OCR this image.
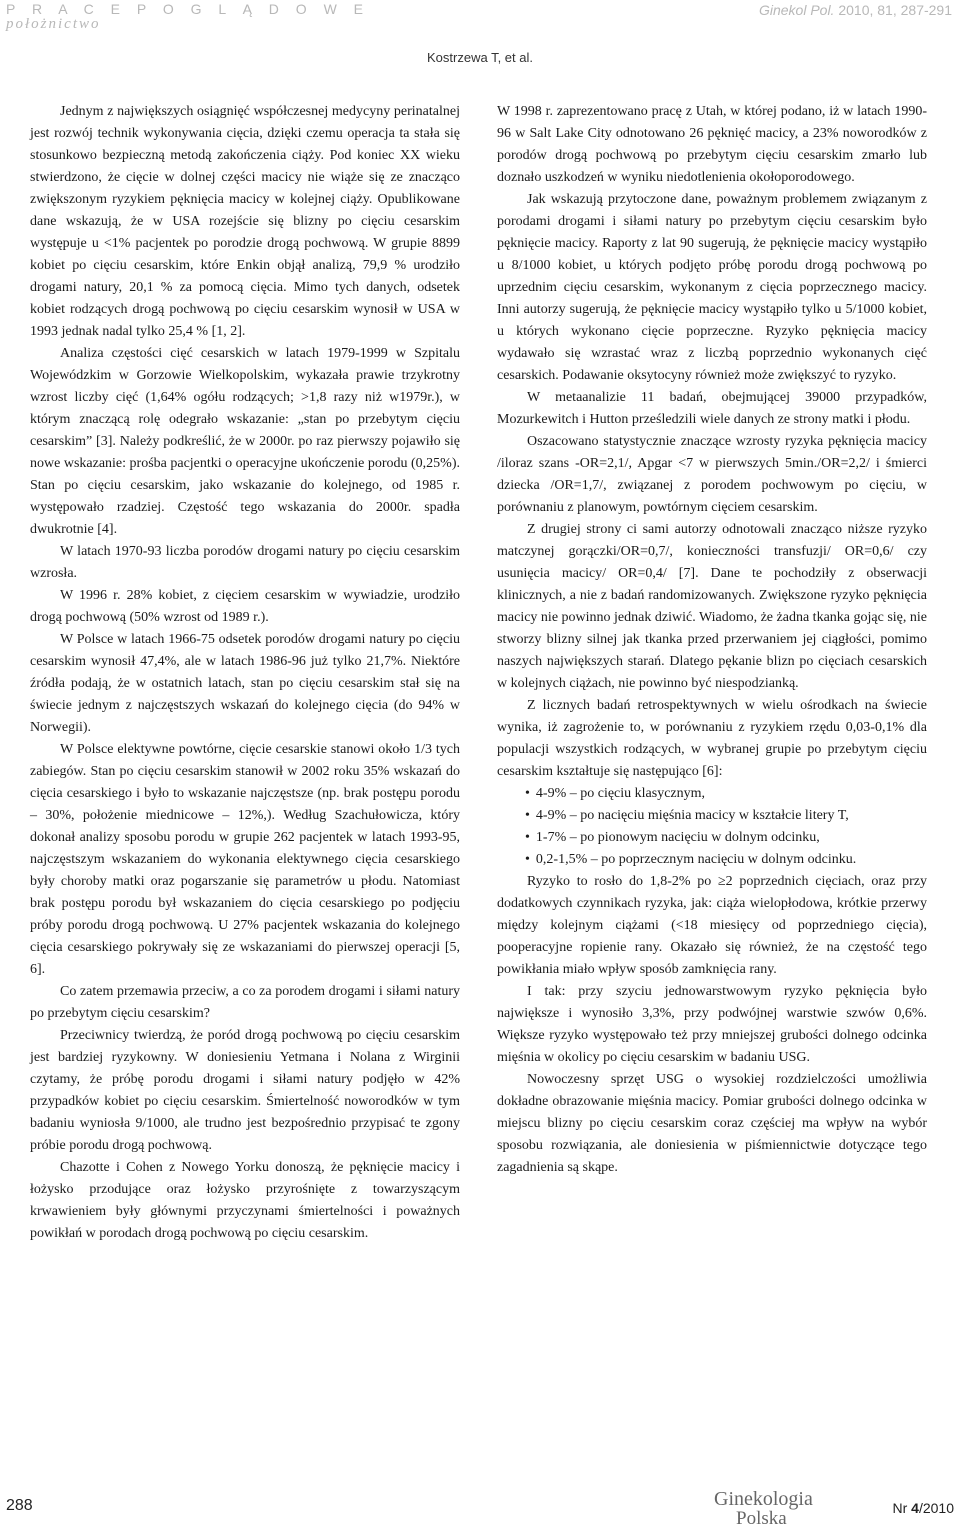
P R A C E P O G L Ą D O W E
położnictwo
Ginekol Pol. 2010, 81, 287-291
Kostrzewa T, et al.

Jednym z największych osiągnięć współczesnej medycyny perinatalnej jest rozwój technik wykonywania cięcia, dzięki czemu operacja ta stała się stosunkowo bezpieczną metodą zakończenia ciąży. Pod koniec XX wieku stwierdzono, że cięcie w dolnej części macicy nie wiąże się ze znacząco zwiększonym ryzykiem pęknięcia macicy w kolejnej ciąży. Opublikowane dane wskazują, że w USA rozejście się blizny po cięciu cesarskim występuje u <1% pacjentek po porodzie drogą pochwową. W grupie 8899 kobiet po cięciu cesarskim, które Enkin objął analizą, 79,9 % urodziło drogami natury, 20,1 % za pomocą cięcia. Mimo tych danych, odsetek kobiet rodzących drogą pochwową po cięciu cesarskim wynosił w USA w 1993 jednak nadal tylko 25,4 % [1, 2].

Analiza częstości cięć cesarskich w latach 1979-1999 w Szpitalu Wojewódzkim w Gorzowie Wielkopolskim, wykazała prawie trzykrotny wzrost liczby cięć (1,64% ogółu rodzących; >1,8 razy niż w1979r.), w którym znaczącą rolę odegrało wskazanie: „stan po przebytym cięciu cesarskim” [3]. Należy podkreślić, że w 2000r. po raz pierwszy pojawiło się nowe wskazanie: prośba pacjentki o operacyjne ukończenie porodu (0,25%). Stan po cięciu cesarskim, jako wskazanie do kolejnego, od 1985 r. występowało rzadziej. Częstość tego wskazania do 2000r. spadła dwukrotnie [4].

W latach 1970-93 liczba porodów drogami natury po cięciu cesarskim wzrosła.

W 1996 r. 28% kobiet, z cięciem cesarskim w wywiadzie, urodziło drogą pochwową (50% wzrost od 1989 r.).

W Polsce w latach 1966-75 odsetek porodów drogami natury po cięciu cesarskim wynosił 47,4%, ale w latach 1986-96 już tylko 21,7%. Niektóre źródła podają, że w ostatnich latach, stan po cięciu cesarskim stał się na świecie jednym z najczęstszych wskazań do kolejnego cięcia (do 94% w Norwegii).

W Polsce elektywne powtórne, cięcie cesarskie stanowi około 1/3 tych zabiegów. Stan po cięciu cesarskim stanowił w 2002 roku 35% wskazań do cięcia cesarskiego i było to wskazanie najczęstsze (np. brak postępu porodu – 30%, położenie miednicowe – 12%,). Według Szachułowicza, który dokonał analizy sposobu porodu w grupie 262 pacjentek w latach 1993-95, najczęstszym wskazaniem do wykonania elektywnego cięcia cesarskiego były choroby matki oraz pogarszanie się parametrów u płodu. Natomiast brak postępu porodu był wskazaniem do cięcia cesarskiego po podjęciu próby porodu drogą pochwową. U 27% pacjentek wskazania do kolejnego cięcia cesarskiego pokrywały się ze wskazaniami do pierwszej operacji [5, 6].

Co zatem przemawia przeciw, a co za porodem drogami i siłami natury po przebytym cięciu cesarskim?

Przeciwnicy twierdzą, że poród drogą pochwową po cięciu cesarskim jest bardziej ryzykowny. W doniesieniu Yetmana i Nolana z Wirginii czytamy, że próbę porodu drogami i siłami natury podjęło w 42% przypadków kobiet po cięciu cesarskim. Śmiertelność noworodków w tym badaniu wyniosła 9/1000, ale trudno jest bezpośrednio przypisać te zgony próbie porodu drogą pochwową.

Chazotte i Cohen z Nowego Yorku donoszą, że pęknięcie macicy i łożysko przodujące oraz łożysko przyrośnięte z towarzyszącym krwawieniem były głównymi przyczynami śmiertelności i poważnych powikłań w porodach drogą pochwową po cięciu cesarskim.

W 1998 r. zaprezentowano pracę z Utah, w której podano, iż w latach 1990-96 w Salt Lake City odnotowano 26 pęknięć macicy, a 23% noworodków z porodów drogą pochwową po przebytym cięciu cesarskim zmarło lub doznało uszkodzeń w wyniku niedotlenienia okołoporodowego.

Jak wskazują przytoczone dane, poważnym problemem związanym z porodami drogami i siłami natury po przebytym cięciu cesarskim było pęknięcie macicy. Raporty z lat 90 sugerują, że pęknięcie macicy wystąpiło u 8/1000 kobiet, u których podjęto próbę porodu drogą pochwową po uprzednim cięciu cesarskim, wykonanym z cięcia poprzecznego macicy. Inni autorzy sugerują, że pęknięcie macicy wystąpiło tylko u 5/1000 kobiet, u których wykonano cięcie poprzeczne. Ryzyko pęknięcia macicy wydawało się wzrastać wraz z liczbą poprzednio wykonanych cięć cesarskich. Podawanie oksytocyny również może zwiększyć to ryzyko.

W metaanalizie 11 badań, obejmującej 39000 przypadków, Mozurkewitch i Hutton prześledzili wiele danych ze strony matki i płodu.

Oszacowano statystycznie znaczące wzrosty ryzyka pęknięcia macicy /iloraz szans -OR=2,1/, Apgar <7 w pierwszych 5min./OR=2,2/ i śmierci dziecka /OR=1,7/, związanej z porodem pochwowym po cięciu, w porównaniu z planowym, powtórnym cięciem cesarskim.

Z drugiej strony ci sami autorzy odnotowali znacząco niższe ryzyko matczynej gorączki/OR=0,7/, konieczności transfuzji/ OR=0,6/ czy usunięcia macicy/ OR=0,4/ [7]. Dane te pochodziły z obserwacji klinicznych, a nie z badań randomizowanych. Zwiększone ryzyko pęknięcia macicy nie powinno jednak dziwić. Wiadomo, że żadna tkanka gojąc się, nie stworzy blizny silnej jak tkanka przed przerwaniem jej ciągłości, pomimo naszych największych starań. Dlatego pękanie blizn po cięciach cesarskich w kolejnych ciążach, nie powinno być niespodzianką.

Z licznych badań retrospektywnych w wielu ośrodkach na świecie wynika, iż zagrożenie to, w porównaniu z ryzykiem rzędu 0,03-0,1% dla populacji wszystkich rodzących, w wybranej grupie po przebytym cięciu cesarskim kształtuje się następująco [6]:

• 4-9% – po cięciu klasycznym,
• 4-9% – po nacięciu mięśnia macicy w kształcie litery T,
• 1-7% – po pionowym nacięciu w dolnym odcinku,
• 0,2-1,5% – po poprzecznym nacięciu w dolnym odcinku.

Ryzyko to rosło do 1,8-2% po ≥2 poprzednich cięciach, oraz przy dodatkowych czynnikach ryzyka, jak: ciąża wielopłodowa, krótkie przerwy między kolejnym ciążami (<18 miesięcy od poprzedniego cięcia), pooperacyjne ropienie rany. Okazało się również, że na częstość tego powikłania miało wpływ sposób zamknięcia rany.

I tak: przy szyciu jednowarstwowym ryzyko pęknięcia było największe i wynosiło 3,3%, przy podwójnej warstwie szwów 0,6%. Większe ryzyko występowało też przy mniejszej grubości dolnego odcinka mięśnia w okolicy po cięciu cesarskim w badaniu USG.

Nowoczesny sprzęt USG o wysokiej rozdzielczości umożliwia dokładne obrazowanie mięśnia macicy. Pomiar grubości dolnego odcinka w miejscu blizny po cięciu cesarskim coraz częściej ma wpływ na wybór sposobu rozwiązania, ale doniesienia w piśmiennictwie dotyczące tego zagadnienia są skąpe.

288	Ginekologia
Polska	Nr 4/2010
